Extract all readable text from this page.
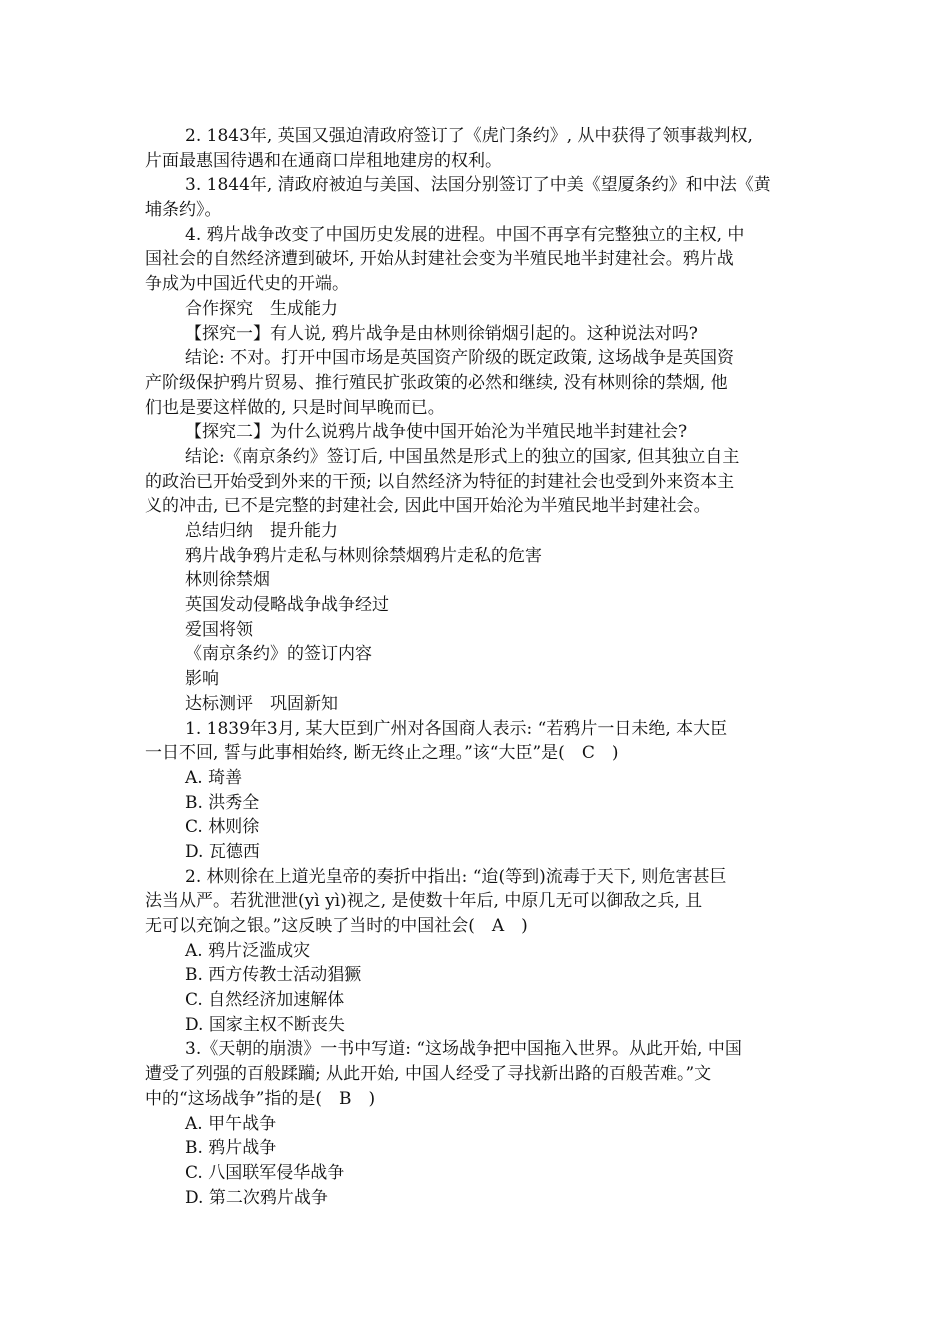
2. 1843年, 英国又强迫清政府签订了《虎门条约》, 从中获得了领事裁判权,
片面最惠国待遇和在通商口岸租地建房的权利。
3. 1844年, 清政府被迫与美国、法国分别签订了中美《望厦条约》和中法《黄
埔条约》。
4. 鸦片战争改变了中国历史发展的进程。中国不再享有完整独立的主权, 中
国社会的自然经济遭到破坏, 开始从封建社会变为半殖民地半封建社会。鸦片战
争成为中国近代史的开端。
合作探究　生成能力
【探究一】有人说, 鸦片战争是由林则徐销烟引起的。这种说法对吗?
结论: 不对。打开中国市场是英国资产阶级的既定政策, 这场战争是英国资
产阶级保护鸦片贸易、推行殖民扩张政策的必然和继续, 没有林则徐的禁烟, 他
们也是要这样做的, 只是时间早晚而已。
【探究二】为什么说鸦片战争使中国开始沦为半殖民地半封建社会?
结论:《南京条约》签订后, 中国虽然是形式上的独立的国家, 但其独立自主
的政治已开始受到外来的干预; 以自然经济为特征的封建社会也受到外来资本主
义的冲击, 已不是完整的封建社会, 因此中国开始沦为半殖民地半封建社会。
总结归纳　提升能力
鸦片战争鸦片走私与林则徐禁烟鸦片走私的危害
林则徐禁烟
英国发动侵略战争战争经过
爱国将领
《南京条约》的签订内容
影响
达标测评　巩固新知
1. 1839年3月, 某大臣到广州对各国商人表示: “若鸦片一日未绝, 本大臣
一日不回, 誓与此事相始终, 断无终止之理。”该“大臣”是(　C　)
A. 琦善
B. 洪秀全
C. 林则徐
D. 瓦德西
2. 林则徐在上道光皇帝的奏折中指出: “迨(等到)流毒于天下, 则危害甚巨
法当从严。若犹泄泄(yì yì)视之, 是使数十年后, 中原几无可以御敌之兵, 且
无可以充饷之银。”这反映了当时的中国社会(　A　)
A. 鸦片泛滥成灾
B. 西方传教士活动猖獗
C. 自然经济加速解体
D. 国家主权不断丧失
3.《天朝的崩溃》一书中写道: “这场战争把中国拖入世界。从此开始, 中国
遭受了列强的百般蹂躏; 从此开始, 中国人经受了寻找新出路的百般苦难。”文
中的“这场战争”指的是(　B　)
A. 甲午战争
B. 鸦片战争
C. 八国联军侵华战争
D. 第二次鸦片战争
